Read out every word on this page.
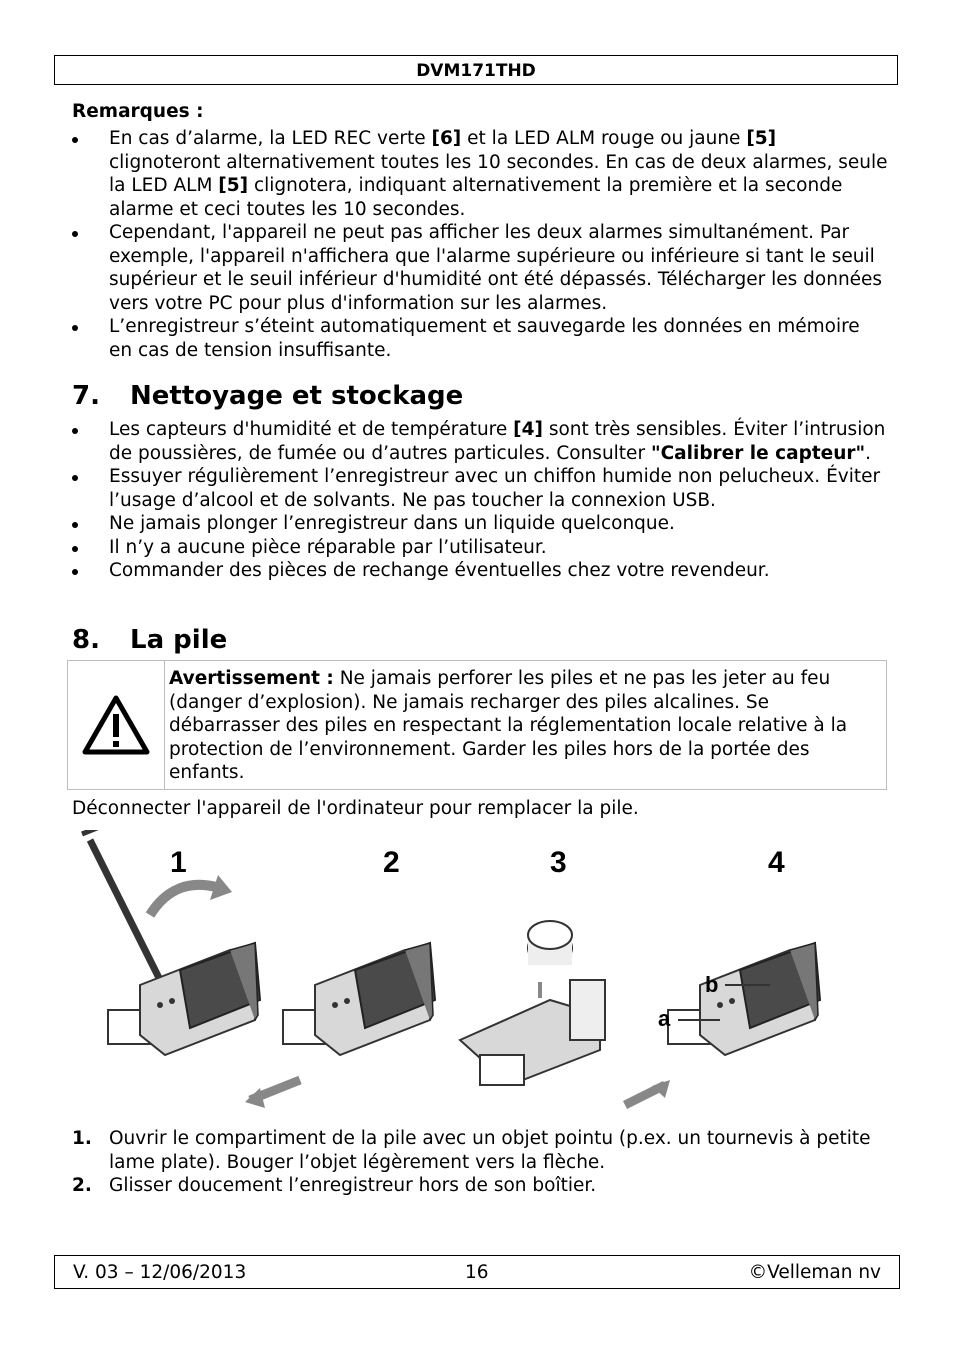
DVM171THD
Remarques :
En cas d’alarme, la LED REC verte [6] et la LED ALM rouge ou jaune [5] clignoteront alternativement toutes les 10 secondes. En cas de deux alarmes, seule la LED ALM [5] clignotera, indiquant alternativement la première et la seconde alarme et ceci toutes les 10 secondes.
Cependant, l'appareil ne peut pas afficher les deux alarmes simultanément. Par exemple, l'appareil n'affichera que l'alarme supérieure ou inférieure si tant le seuil supérieur et le seuil inférieur d'humidité ont été dépassés. Télécharger les données vers votre PC pour plus d'information sur les alarmes.
L’enregistreur s’éteint automatiquement et sauvegarde les données en mémoire en cas de tension insuffisante.
7. Nettoyage et stockage
Les capteurs d'humidité et de température [4] sont très sensibles. Éviter l’intrusion de poussières, de fumée ou d’autres particules. Consulter "Calibrer le capteur".
Essuyer régulièrement l’enregistreur avec un chiffon humide non pelucheux. Éviter l’usage d’alcool et de solvants. Ne pas toucher la connexion USB.
Ne jamais plonger l’enregistreur dans un liquide quelconque.
Il n’y a aucune pièce réparable par l’utilisateur.
Commander des pièces de rechange éventuelles chez votre revendeur.
8. La pile
Avertissement : Ne jamais perforer les piles et ne pas les jeter au feu (danger d’explosion). Ne jamais recharger des piles alcalines. Se débarrasser des piles en respectant la réglementation locale relative à la protection de l’environnement. Garder les piles hors de la portée des enfants.
Déconnecter l'appareil de l'ordinateur pour remplacer la pile.
1	2	3	4
b
a
1. Ouvrir le compartiment de la pile avec un objet pointu (p.ex. un tournevis à petite lame plate). Bouger l’objet légèrement vers la flèche.
2. Glisser doucement l’enregistreur hors de son boîtier.
V. 03 – 12/06/2013	16	©Velleman nv
